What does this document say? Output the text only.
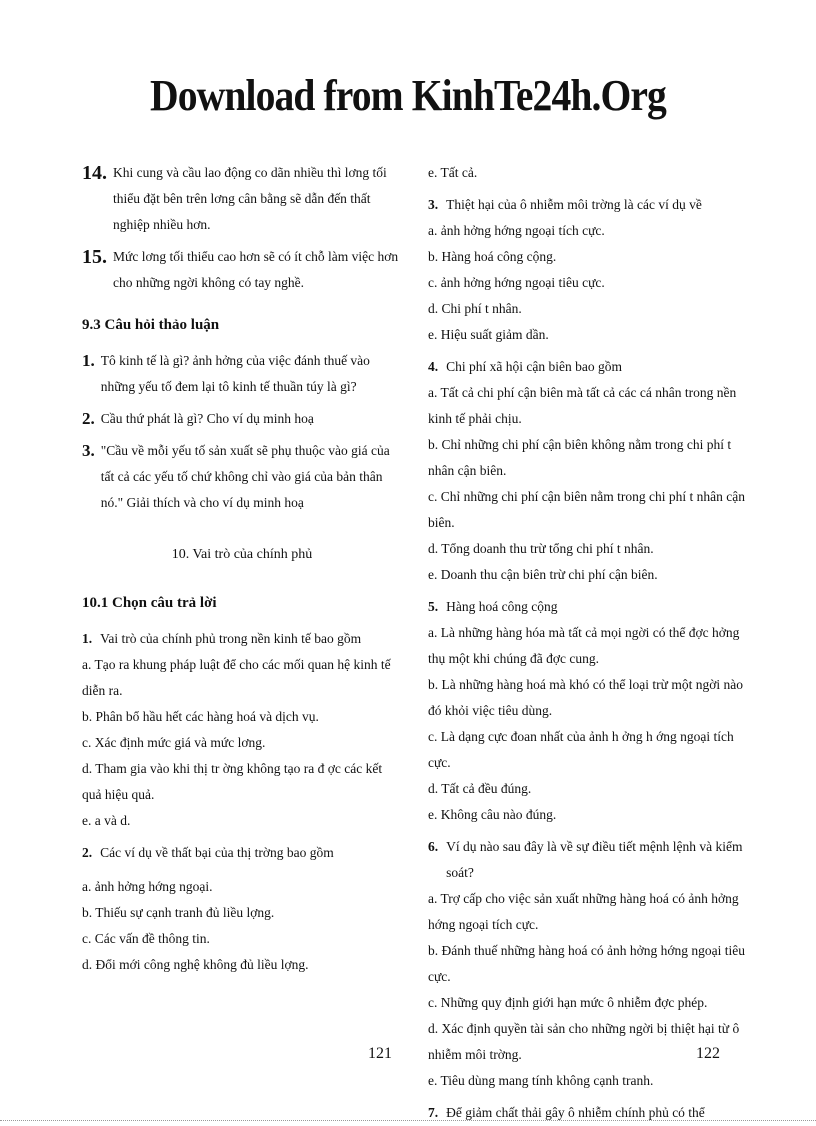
Download from KinhTe24h.Org
14. Khi cung và cầu lao động co dãn nhiều thì lơng tối thiểu đặt bên trên lơng cân bằng sẽ dẫn đến thất nghiệp nhiều hơn.
15. Mức lơng tối thiểu cao hơn sẽ có ít chỗ làm việc hơn cho những ngời không có tay nghề.
9.3 Câu hỏi thảo luận
1. Tô kinh tế là gì? ảnh hởng của việc đánh thuế vào những yếu tố đem lại tô kinh tế thuần túy là gì?
2. Cầu thứ phát là gì? Cho ví dụ minh hoạ
3. "Cầu về mỗi yếu tố sản xuất sẽ phụ thuộc vào giá của tất cả các yếu tố chứ không chỉ vào giá của bản thân nó." Giải thích và cho ví dụ minh hoạ
10. Vai trò của chính phủ
10.1 Chọn câu trả lời
1. Vai trò của chính phủ trong nền kinh tế bao gồm
a. Tạo ra khung pháp luật để cho các mối quan hệ kinh tế diễn ra.
b. Phân bổ hầu hết các hàng hoá và dịch vụ.
c. Xác định mức giá và mức lơng.
d. Tham gia vào khi thị tr ờng không tạo ra đ ợc các kết quả hiệu quả.
e. a và d.
2. Các ví dụ về thất bại của thị trờng bao gồm
a. ảnh hởng hớng ngoại.
b. Thiếu sự cạnh tranh đủ liều lợng.
c. Các vấn đề thông tin.
d. Đổi mới công nghệ không đủ liều lợng.
e. Tất cả.
3. Thiệt hại của ô nhiễm môi trờng là các ví dụ về
a. ảnh hởng hớng ngoại tích cực.
b. Hàng hoá công cộng.
c. ảnh hởng hớng ngoại tiêu cực.
d. Chi phí t nhân.
e. Hiệu suất giảm dần.
4. Chi phí xã hội cận biên bao gồm
a. Tất cả chi phí cận biên mà tất cả các cá nhân trong nền kinh tế phải chịu.
b. Chỉ những chi phí cận biên không nằm trong chi phí t nhân cận biên.
c. Chỉ những chi phí cận biên nằm trong chi phí t nhân cận biên.
d. Tổng doanh thu trừ tổng chi phí t nhân.
e. Doanh thu cận biên trừ chi phí cận biên.
5. Hàng hoá công cộng
a. Là những hàng hóa mà tất cả mọi ngời có thể đợc hởng thụ một khi chúng đã đợc cung.
b. Là những hàng hoá mà khó có thể loại trừ một ngời nào đó khỏi việc tiêu dùng.
c. Là dạng cực đoan nhất của ảnh h ởng h ớng ngoại tích cực.
d. Tất cả đều đúng.
e. Không câu nào đúng.
6. Ví dụ nào sau đây là về sự điều tiết mệnh lệnh và kiểm soát?
a. Trợ cấp cho việc sản xuất những hàng hoá có ảnh hởng hớng ngoại tích cực.
b. Đánh thuế những hàng hoá có ảnh hởng hớng ngoại tiêu cực.
c. Những quy định giới hạn mức ô nhiễm đợc phép.
d. Xác định quyền tài sản cho những ngời bị thiệt hại từ ô nhiễm môi trờng.
e. Tiêu dùng mang tính không cạnh tranh.
7. Để giảm chất thải gây ô nhiễm chính phủ có thể
121	122
